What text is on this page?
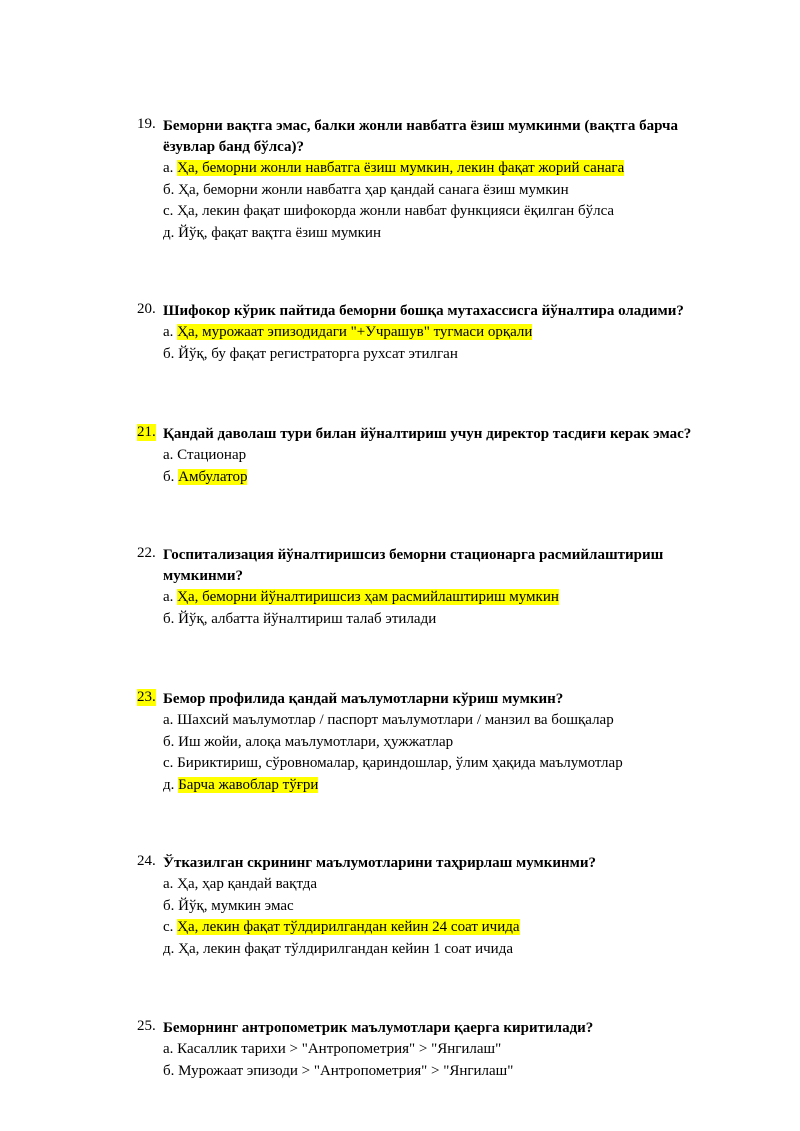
19. Беморни вақтга эмас, балки жонли навбатга ёзиш мумкинми (вақтга барча ёзувлар банд бўлса)?
а. Ҳа, беморни жонли навбатга ёзиш мумкин, лекин фақат жорий санага
б. Ҳа, беморни жонли навбатга ҳар қандай санага ёзиш мумкин
с. Ҳа, лекин фақат шифокорда жонли навбат функцияси ёқилган бўлса
д. Йўқ, фақат вақтга ёзиш мумкин
20. Шифокор кўрик пайтида беморни бошқа мутахассисга йўналтира оладими?
а. Ҳа, мурожаат эпизодидаги "+Учрашув" тугмаси орқали
б. Йўқ, бу фақат регистраторга рухсат этилган
21. Қандай даволаш тури билан йўналтириш учун директор тасдиғи керак эмас?
а. Стационар
б. Амбулатор
22. Госпитализация йўналтиришсиз беморни стационарга расмийлаштириш мумкинми?
а. Ҳа, беморни йўналтиришсиз ҳам расмийлаштириш мумкин
б. Йўқ, албатта йўналтириш талаб этилади
23. Бемор профилида қандай маълумотларни кўриш мумкин?
а. Шахсий маълумотлар / паспорт маълумотлари / манзил ва бошқалар
б. Иш жойи, алоқа маълумотлари, ҳужжатлар
с. Бириктириш, сўровномалар, қариндошлар, ўлим ҳақида маълумотлар
д. Барча жавоблар тўғри
24. Ўтказилган скрининг маълумотларини таҳрирлаш мумкинми?
а. Ҳа, ҳар қандай вақтда
б. Йўқ, мумкин эмас
с. Ҳа, лекин фақат тўлдирилгандан кейин 24 соат ичида
д. Ҳа, лекин фақат тўлдирилгандан кейин 1 соат ичида
25. Беморнинг антропометрик маълумотлари қаерга киритилади?
а. Касаллик тарихи > "Антропометрия" > "Янгилаш"
б. Мурожаат эпизоди > "Антропометрия" > "Янгилаш"
